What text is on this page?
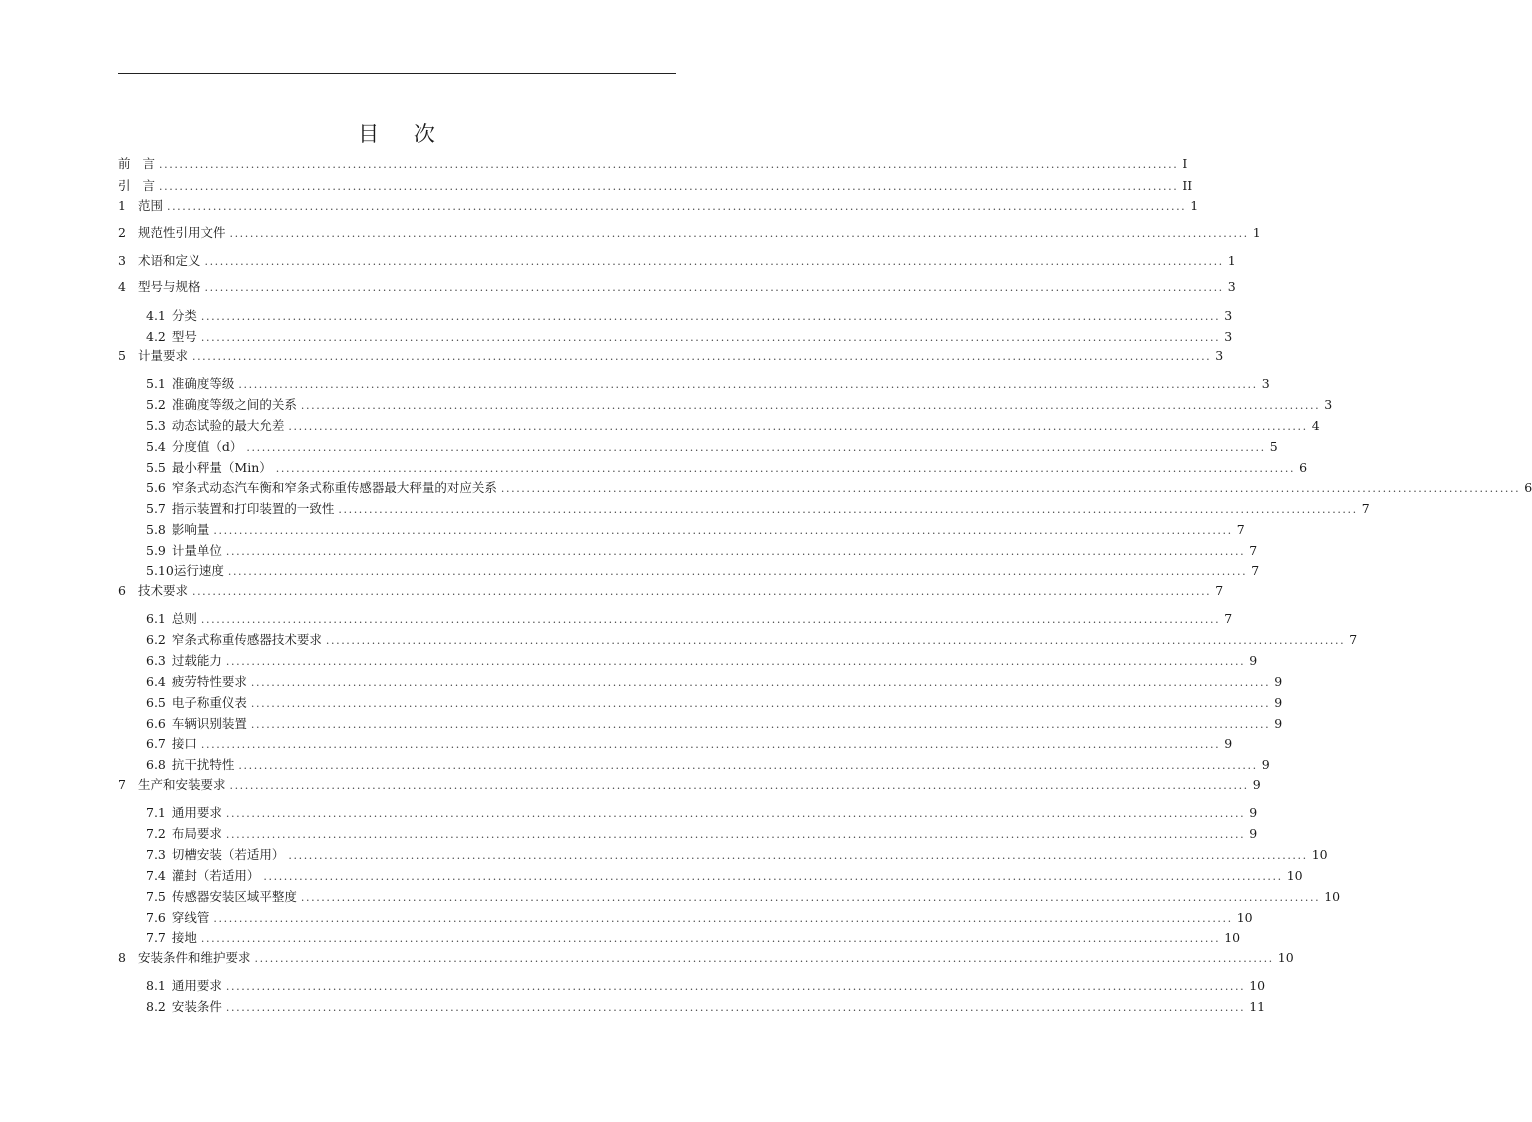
目 次
前 言 ........................................................................................................................................................................................................ I
引 言 ........................................................................................................................................................................................................ II
1 范围 ........................................................................................................................................................................................................ 1
2 规范性引用文件 ........................................................................................................................................................................................................ 1
3 术语和定义 ........................................................................................................................................................................................................ 1
4 型号与规格 ........................................................................................................................................................................................................ 3
4.1 分类 ........................................................................................................................................................................................................ 3
4.2 型号 ........................................................................................................................................................................................................ 3
5 计量要求 ........................................................................................................................................................................................................ 3
5.1 准确度等级 ........................................................................................................................................................................................................ 3
5.2 准确度等级之间的关系 ........................................................................................................................................................................................................ 3
5.3 动态试验的最大允差 ........................................................................................................................................................................................................ 4
5.4 分度值（d） ........................................................................................................................................................................................................ 5
5.5 最小秤量（Min） ........................................................................................................................................................................................................ 6
5.6 窄条式动态汽车衡和窄条式称重传感器最大秤量的对应关系 ........................................................................................................................................................................................................ 6
5.7 指示装置和打印装置的一致性 ........................................................................................................................................................................................................ 7
5.8 影响量 ........................................................................................................................................................................................................ 7
5.9 计量单位 ........................................................................................................................................................................................................ 7
5.10 运行速度 ........................................................................................................................................................................................................ 7
6 技术要求 ........................................................................................................................................................................................................ 7
6.1 总则 ........................................................................................................................................................................................................ 7
6.2 窄条式称重传感器技术要求 ........................................................................................................................................................................................................ 7
6.3 过载能力 ........................................................................................................................................................................................................ 9
6.4 疲劳特性要求 ........................................................................................................................................................................................................ 9
6.5 电子称重仪表 ........................................................................................................................................................................................................ 9
6.6 车辆识别装置 ........................................................................................................................................................................................................ 9
6.7 接口 ........................................................................................................................................................................................................ 9
6.8 抗干扰特性 ........................................................................................................................................................................................................ 9
7 生产和安装要求 ........................................................................................................................................................................................................ 9
7.1 通用要求 ........................................................................................................................................................................................................ 9
7.2 布局要求 ........................................................................................................................................................................................................ 9
7.3 切槽安装（若适用） ........................................................................................................................................................................................................ 10
7.4 灌封（若适用） ........................................................................................................................................................................................................ 10
7.5 传感器安装区域平整度 ........................................................................................................................................................................................................ 10
7.6 穿线管 ........................................................................................................................................................................................................ 10
7.7 接地 ........................................................................................................................................................................................................ 10
8 安装条件和维护要求 ........................................................................................................................................................................................................ 10
8.1 通用要求 ........................................................................................................................................................................................................ 10
8.2 安装条件 ........................................................................................................................................................................................................ 11
